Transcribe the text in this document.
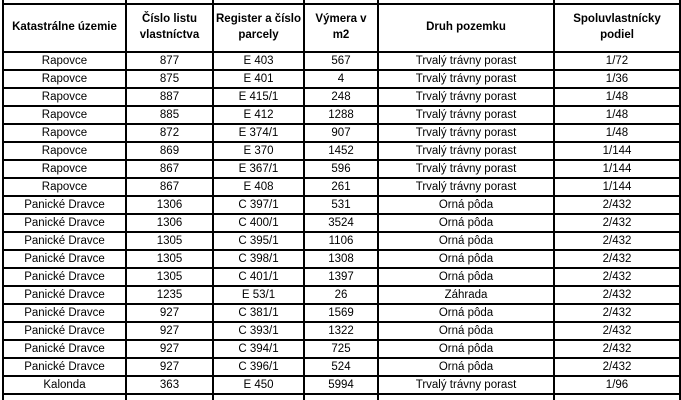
Katastrálne územie	Číslo listu vlastníctva	Register a číslo parcely	Výmera v m2	Druh pozemku	Spoluvlastnícky podiel
Rapovce	877	E 403	567	Trvalý trávny porast	1/72
Rapovce	875	E 401	4	Trvalý trávny porast	1/36
Rapovce	887	E 415/1	248	Trvalý trávny porast	1/48
Rapovce	885	E 412	1288	Trvalý trávny porast	1/48
Rapovce	872	E 374/1	907	Trvalý trávny porast	1/48
Rapovce	869	E 370	1452	Trvalý trávny porast	1/144
Rapovce	867	E 367/1	596	Trvalý trávny porast	1/144
Rapovce	867	E 408	261	Trvalý trávny porast	1/144
Panické Dravce	1306	C 397/1	531	Orná pôda	2/432
Panické Dravce	1306	C 400/1	3524	Orná pôda	2/432
Panické Dravce	1305	C 395/1	1106	Orná pôda	2/432
Panické Dravce	1305	C 398/1	1308	Orná pôda	2/432
Panické Dravce	1305	C 401/1	1397	Orná pôda	2/432
Panické Dravce	1235	E 53/1	26	Záhrada	2/432
Panické Dravce	927	C 381/1	1569	Orná pôda	2/432
Panické Dravce	927	C 393/1	1322	Orná pôda	2/432
Panické Dravce	927	C 394/1	725	Orná pôda	2/432
Panické Dravce	927	C 396/1	524	Orná pôda	2/432
Kalonda	363	E 450	5994	Trvalý trávny porast	1/96
